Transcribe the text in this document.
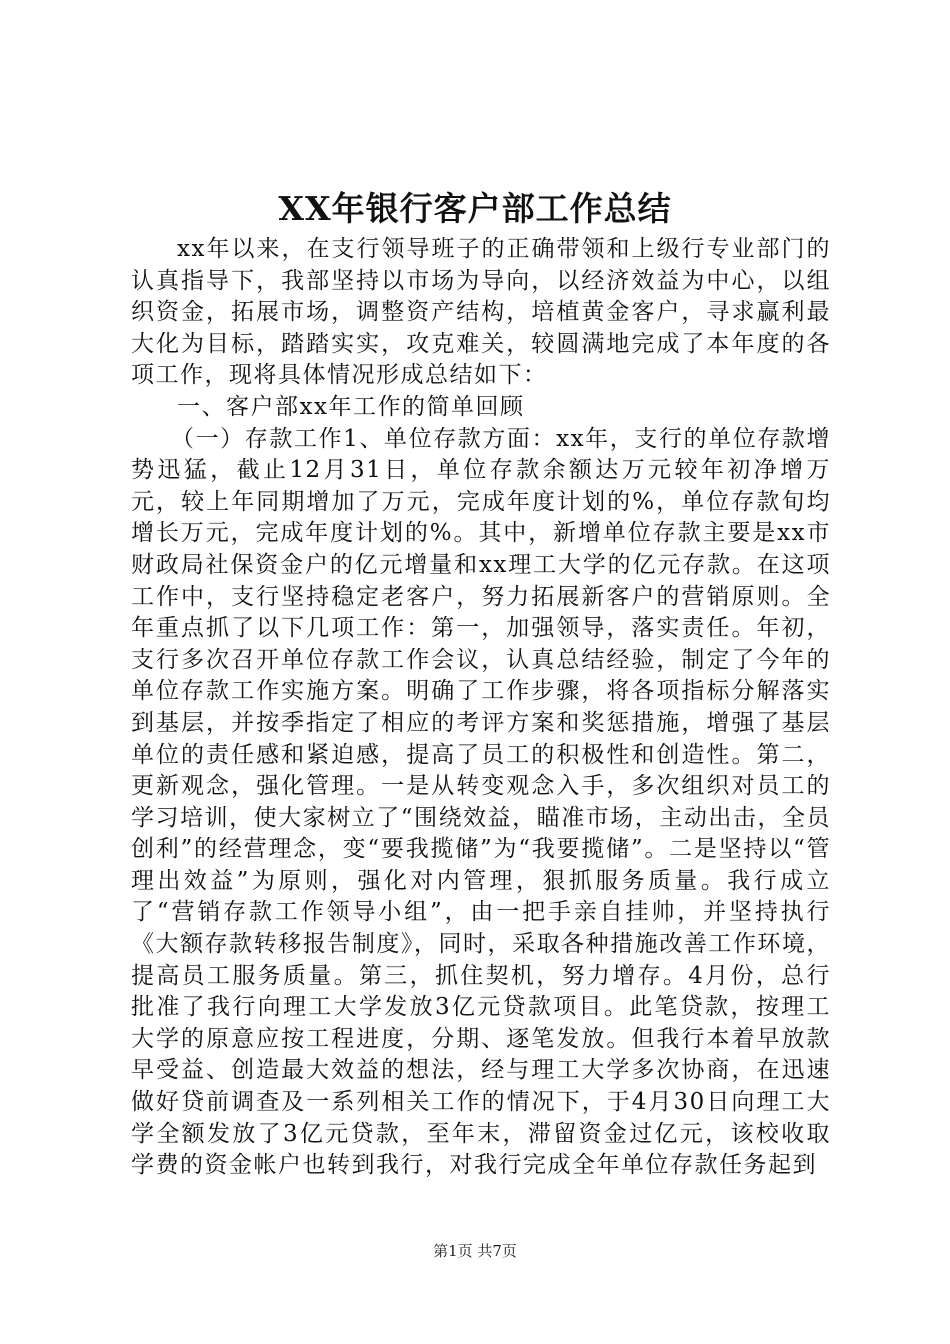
XX年银行客户部工作总结

xx年以来，在支行领导班子的正确带领和上级行专业部门的认真指导下，我部坚持以市场为导向，以经济效益为中心，以组织资金，拓展市场，调整资产结构，培植黄金客户，寻求赢利最大化为目标，踏踏实实，攻克难关，较圆满地完成了本年度的各项工作，现将具体情况形成总结如下：

一、客户部xx年工作的简单回顾

（一）存款工作1、单位存款方面：xx年，支行的单位存款增势迅猛，截止12月31日，单位存款余额达万元较年初净增万元，较上年同期增加了万元，完成年度计划的%，单位存款旬均增长万元，完成年度计划的%。其中，新增单位存款主要是xx市财政局社保资金户的亿元增量和xx理工大学的亿元存款。在这项工作中，支行坚持稳定老客户，努力拓展新客户的营销原则。全年重点抓了以下几项工作：第一，加强领导，落实责任。年初，支行多次召开单位存款工作会议，认真总结经验，制定了今年的单位存款工作实施方案。明确了工作步骤，将各项指标分解落实到基层，并按季指定了相应的考评方案和奖惩措施，增强了基层单位的责任感和紧迫感，提高了员工的积极性和创造性。第二，更新观念，强化管理。一是从转变观念入手，多次组织对员工的学习培训，使大家树立了“围绕效益，瞄准市场，主动出击，全员创利”的经营理念，变“要我揽储”为“我要揽储”。二是坚持以“管理出效益”为原则，强化对内管理，狠抓服务质量。我行成立了“营销存款工作领导小组”，由一把手亲自挂帅，并坚持执行《大额存款转移报告制度》，同时，采取各种措施改善工作环境，提高员工服务质量。第三，抓住契机，努力增存。4月份，总行批准了我行向理工大学发放3亿元贷款项目。此笔贷款，按理工大学的原意应按工程进度，分期、逐笔发放。但我行本着早放款早受益、创造最大效益的想法，经与理工大学多次协商，在迅速做好贷前调查及一系列相关工作的情况下，于4月30日向理工大学全额发放了3亿元贷款，至年末，滞留资金过亿元，该校收取学费的资金帐户也转到我行，对我行完成全年单位存款任务起到

第1页 共7页
